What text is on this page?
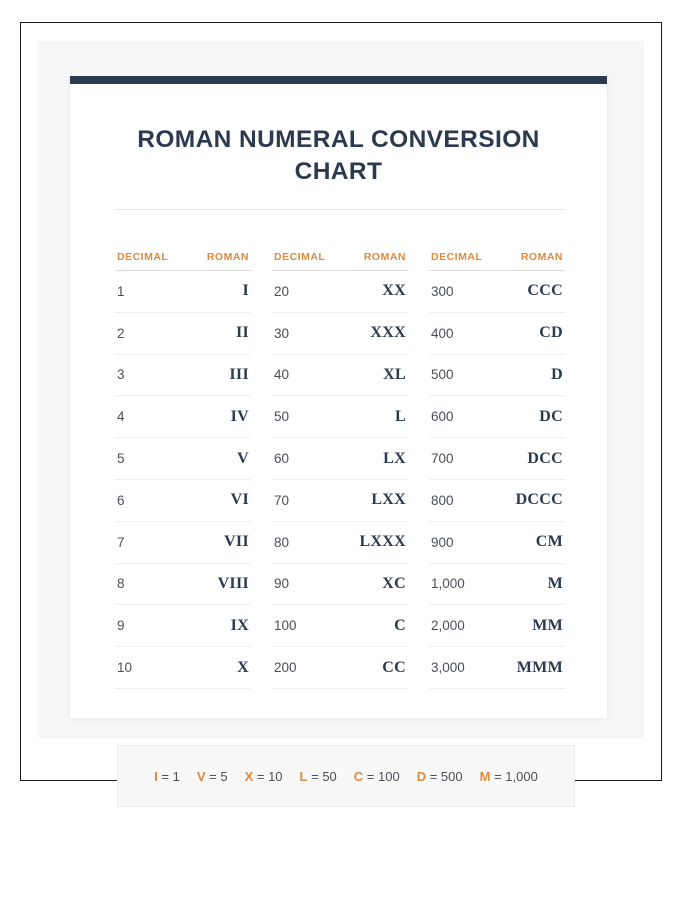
ROMAN NUMERAL CONVERSION CHART
DECIMAL	ROMAN
1	I
2	II
3	III
4	IV
5	V
6	VI
7	VII
8	VIII
9	IX
10	X
DECIMAL	ROMAN
20	XX
30	XXX
40	XL
50	L
60	LX
70	LXX
80	LXXX
90	XC
100	C
200	CC
DECIMAL	ROMAN
300	CCC
400	CD
500	D
600	DC
700	DCC
800	DCCC
900	CM
1,000	M
2,000	MM
3,000	MMM
I = 1 V = 5 X = 10 L = 50 C = 100 D = 500 M = 1,000
